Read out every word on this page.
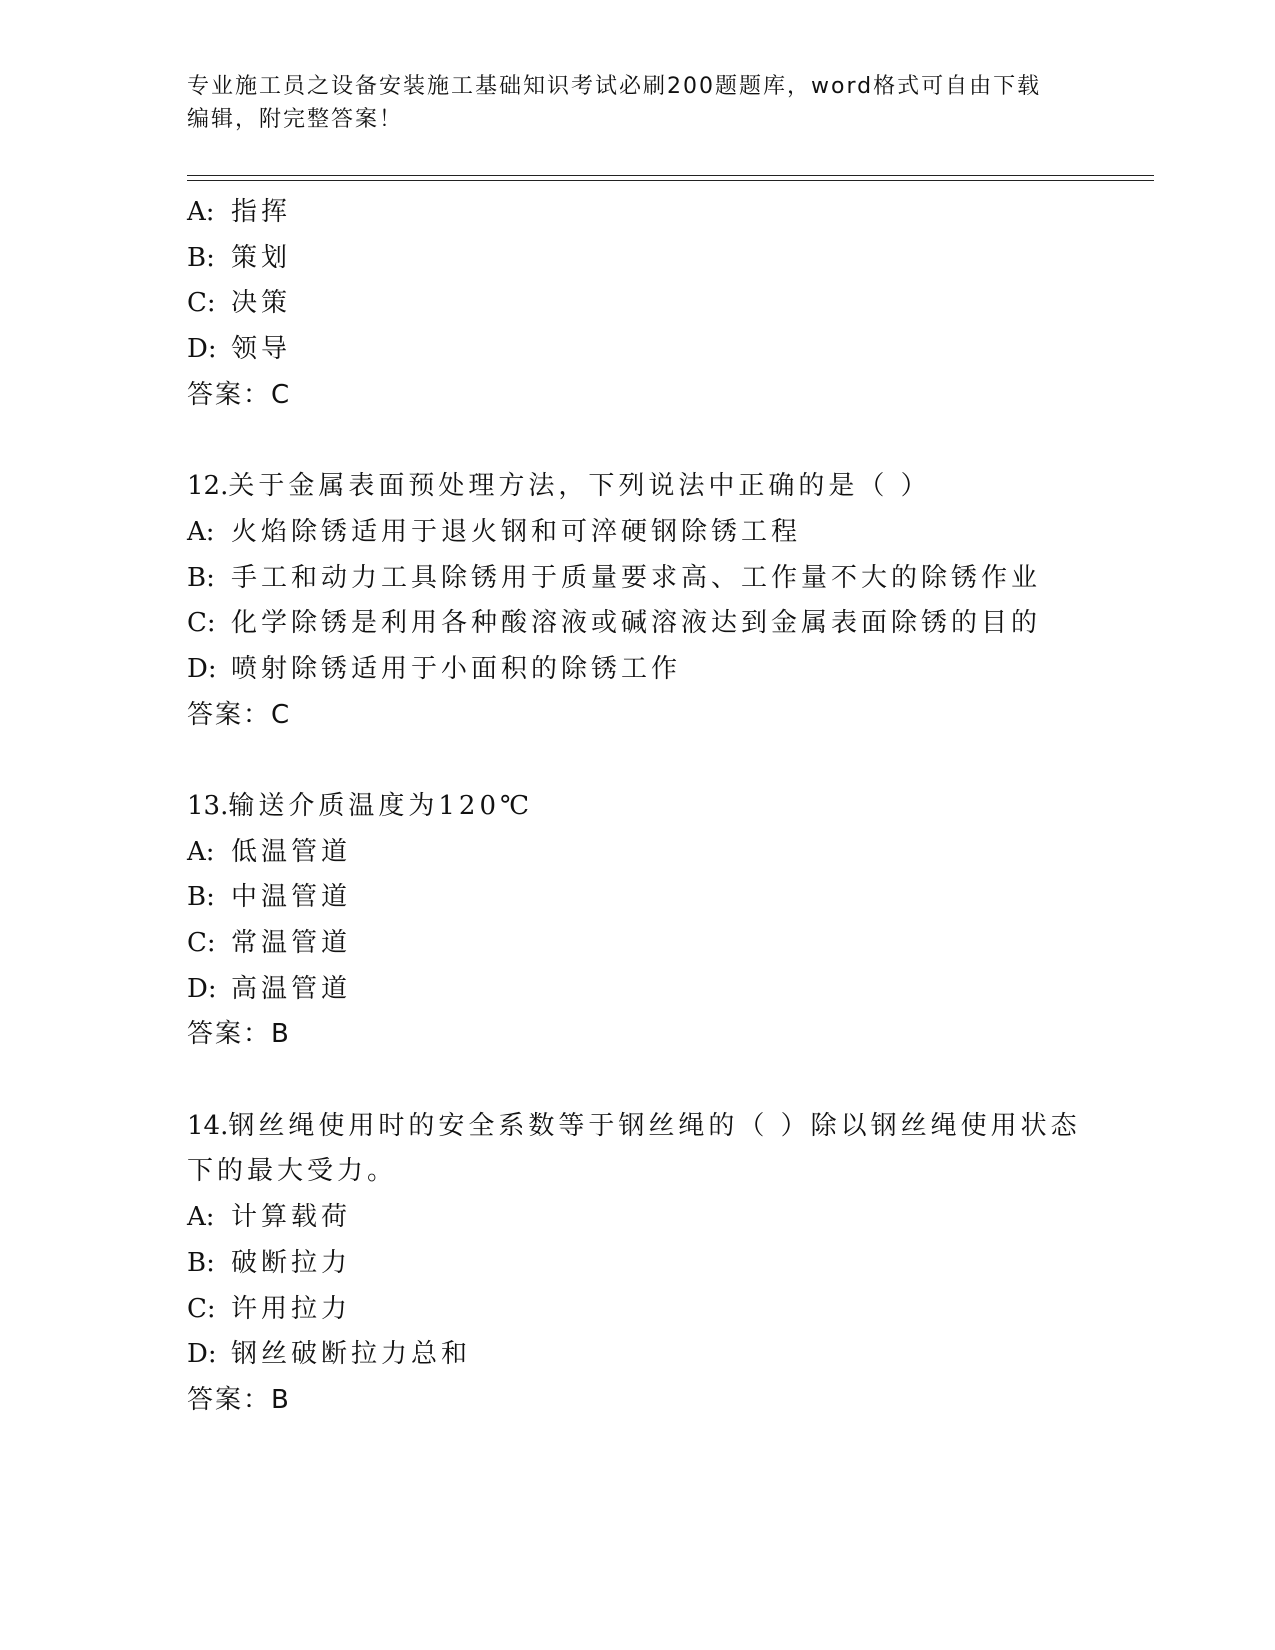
专业施工员之设备安装施工基础知识考试必刷200题题库，word格式可自由下载
编辑，附完整答案！
A: 指挥
B: 策划
C: 决策
D: 领导
答案：C
12.关于金属表面预处理方法，下列说法中正确的是（ ）
A: 火焰除锈适用于退火钢和可淬硬钢除锈工程
B: 手工和动力工具除锈用于质量要求高、工作量不大的除锈作业
C: 化学除锈是利用各种酸溶液或碱溶液达到金属表面除锈的目的
D: 喷射除锈适用于小面积的除锈工作
答案：C
13.输送介质温度为120℃
A: 低温管道
B: 中温管道
C: 常温管道
D: 高温管道
答案：B
14.钢丝绳使用时的安全系数等于钢丝绳的（ ）除以钢丝绳使用状态
下的最大受力。
A: 计算载荷
B: 破断拉力
C: 许用拉力
D: 钢丝破断拉力总和
答案：B
